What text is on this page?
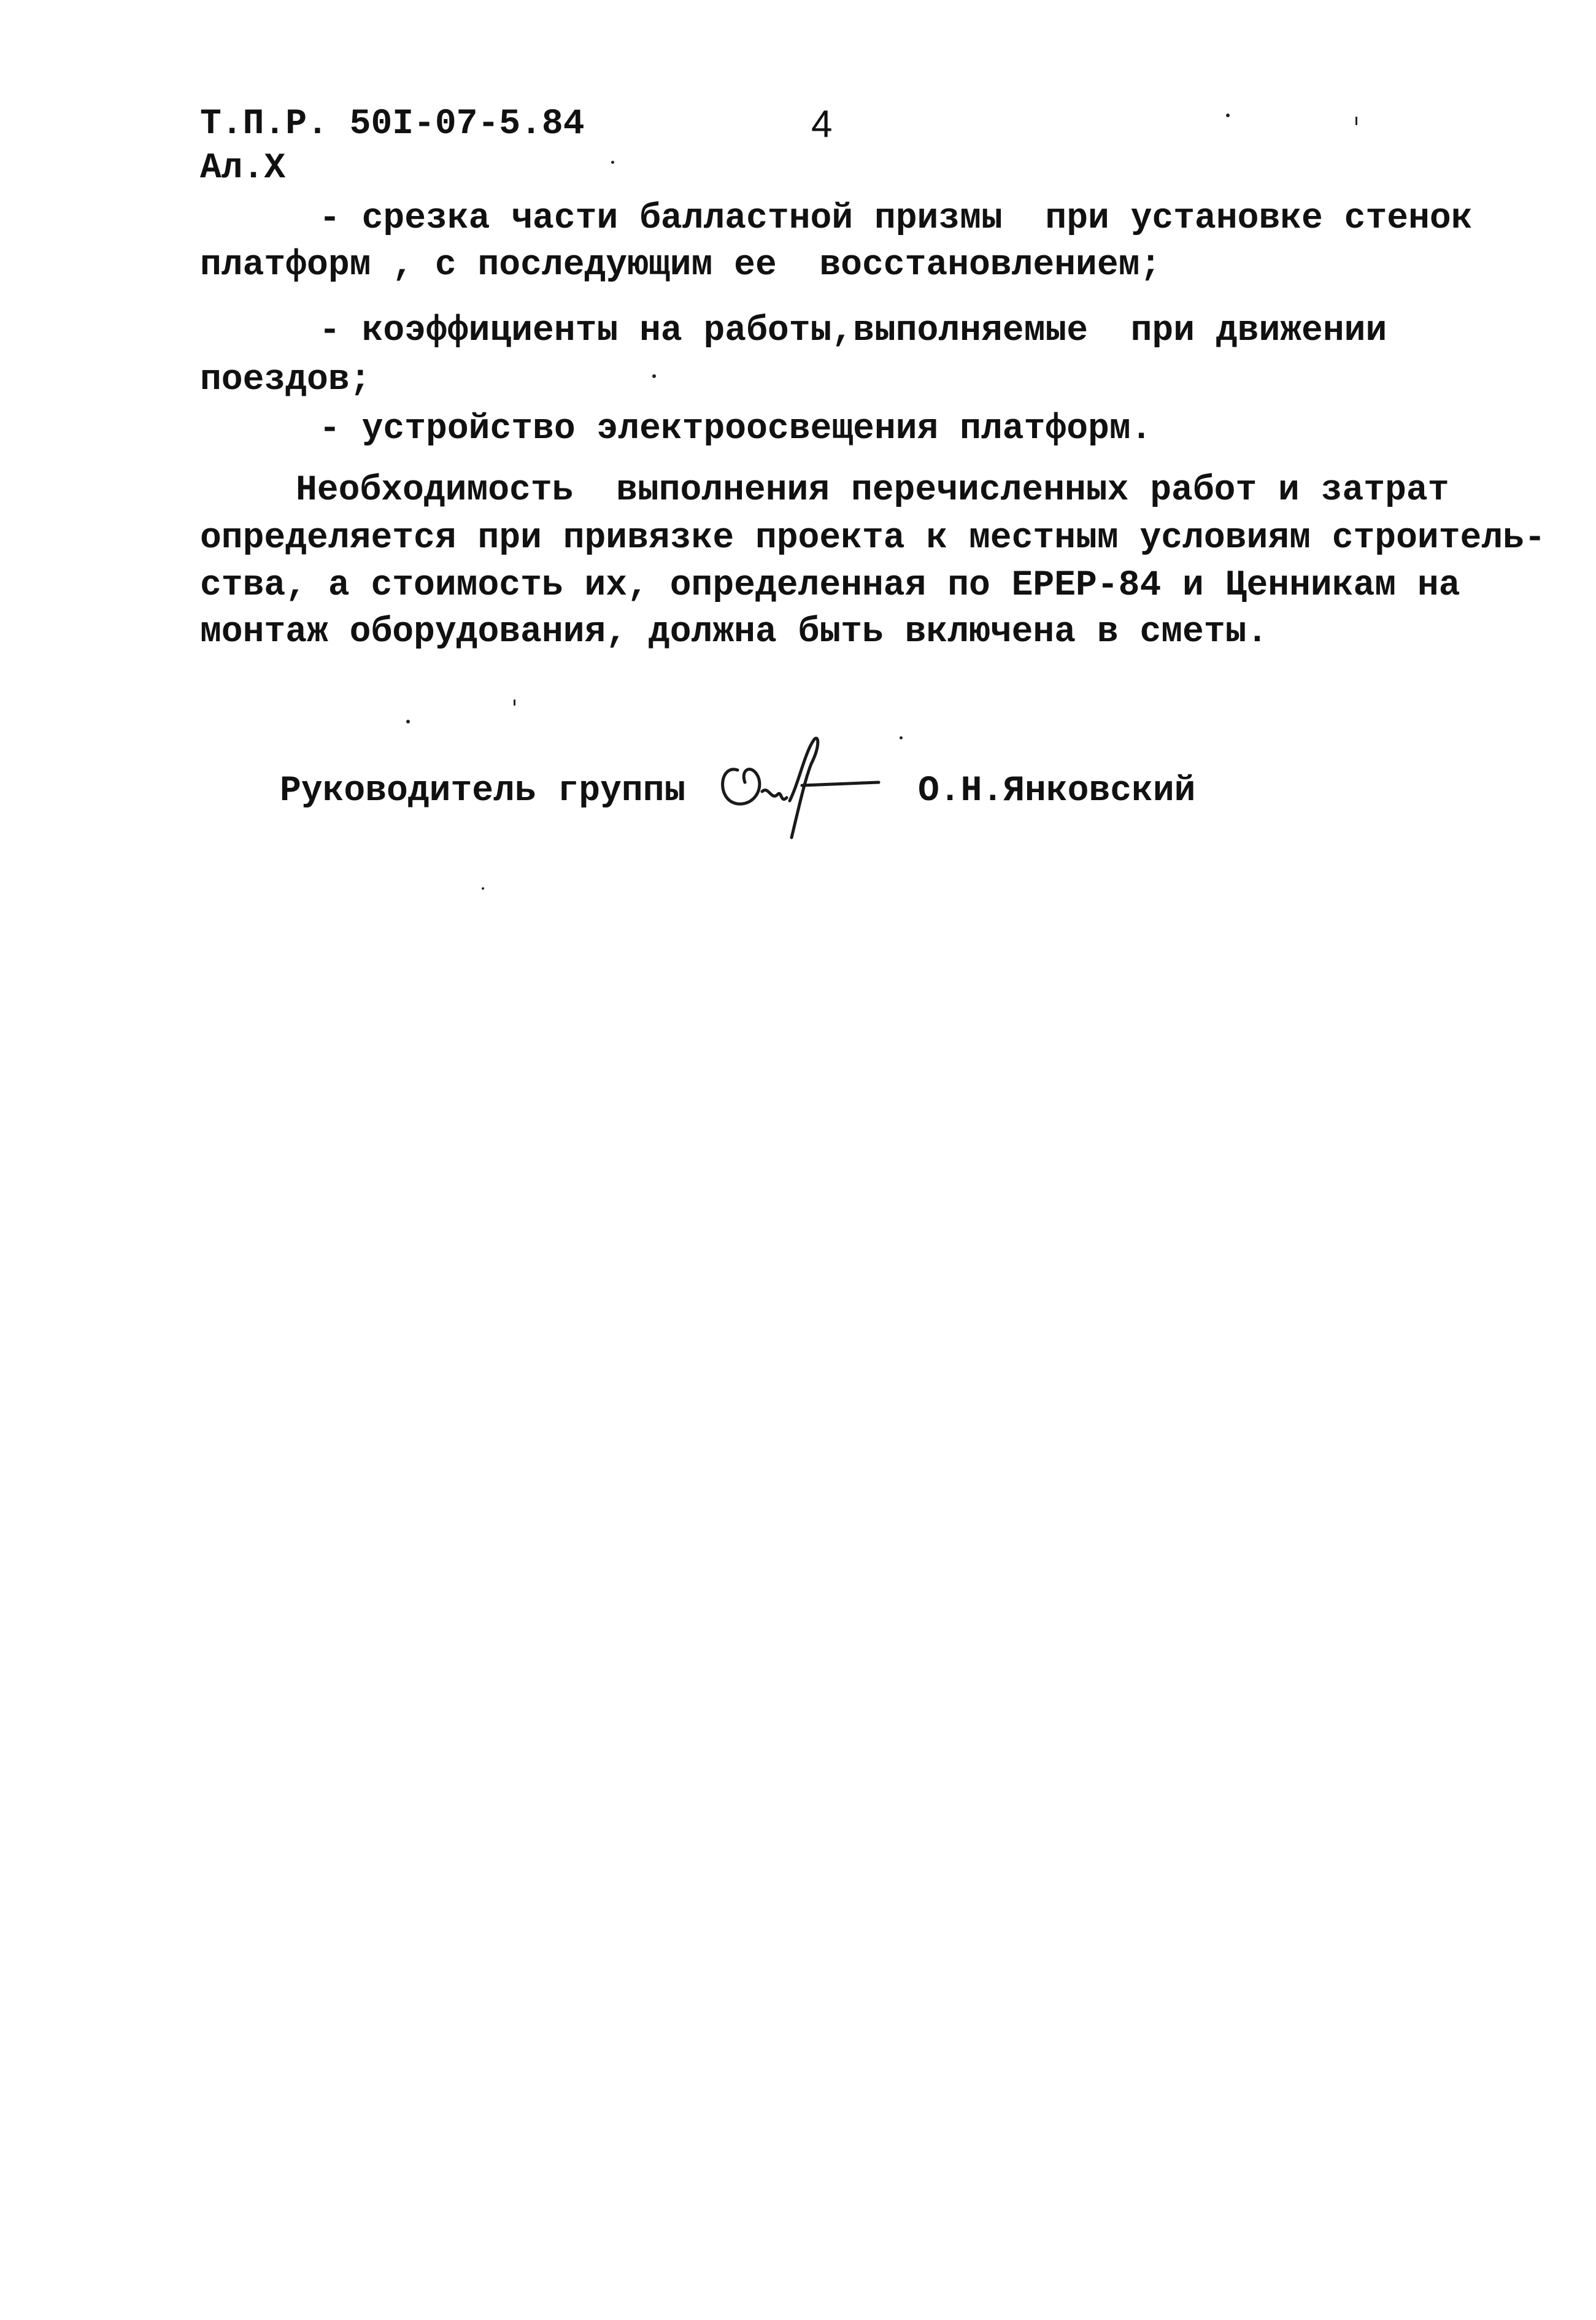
Т.П.Р. 50I-07-5.84	4
Ал.X
- срезка части балластной призмы  при установке стенок
платформ , с последующим ее  восстановлением;
- коэффициенты на работы,выполняемые  при движении
поездов;
- устройство электроосвещения платформ.
Необходимость  выполнения перечисленных работ и затрат
определяется при привязке проекта к местным условиям строитель-
ства, а стоимость их, определенная по ЕРЕР-84 и Ценникам на
монтаж оборудования, должна быть включена в сметы.
Руководитель группы	О.Н.Янковский
